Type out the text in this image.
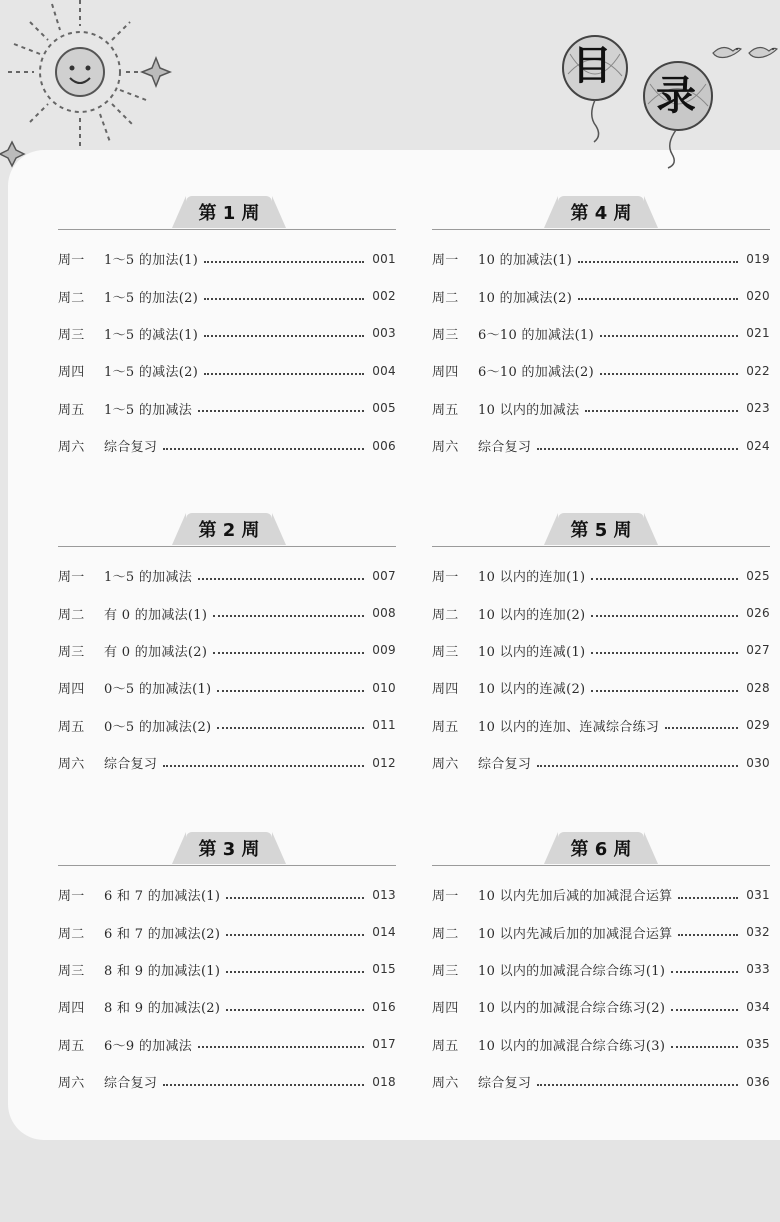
目
录
第 1 周
周一	1～5 的加法(1)	001
周二	1～5 的加法(2)	002
周三	1～5 的减法(1)	003
周四	1～5 的减法(2)	004
周五	1～5 的加减法	005
周六	综合复习	006
第 2 周
周一	1～5 的加减法	007
周二	有 0 的加减法(1)	008
周三	有 0 的加减法(2)	009
周四	0～5 的加减法(1)	010
周五	0～5 的加减法(2)	011
周六	综合复习	012
第 3 周
周一	6 和 7 的加减法(1)	013
周二	6 和 7 的加减法(2)	014
周三	8 和 9 的加减法(1)	015
周四	8 和 9 的加减法(2)	016
周五	6～9 的加减法	017
周六	综合复习	018
第 4 周
周一	10 的加减法(1)	019
周二	10 的加减法(2)	020
周三	6～10 的加减法(1)	021
周四	6～10 的加减法(2)	022
周五	10 以内的加减法	023
周六	综合复习	024
第 5 周
周一	10 以内的连加(1)	025
周二	10 以内的连加(2)	026
周三	10 以内的连减(1)	027
周四	10 以内的连减(2)	028
周五	10 以内的连加、连减综合练习	029
周六	综合复习	030
第 6 周
周一	10 以内先加后减的加减混合运算	031
周二	10 以内先减后加的加减混合运算	032
周三	10 以内的加减混合综合练习(1)	033
周四	10 以内的加减混合综合练习(2)	034
周五	10 以内的加减混合综合练习(3)	035
周六	综合复习	036
